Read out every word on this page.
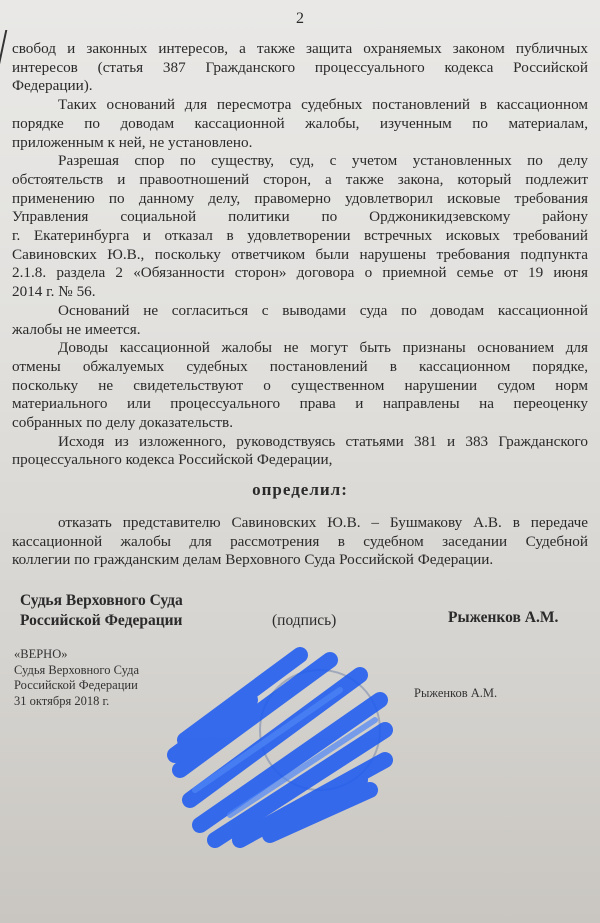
2
свобод и законных интересов, а также защита охраняемых законом публичных
интересов (статья 387 Гражданского процессуального кодекса Российской
Федерации).
Таких оснований для пересмотра судебных постановлений в кассационном
порядке по доводам кассационной жалобы, изученным по материалам,
приложенным к ней, не установлено.
Разрешая спор по существу, суд, с учетом установленных по делу
обстоятельств и правоотношений сторон, а также закона, который подлежит
применению по данному делу, правомерно удовлетворил исковые требования
Управления социальной политики по Орджоникидзевскому району
г. Екатеринбурга и отказал в удовлетворении встречных исковых требований
Савиновских Ю.В., поскольку ответчиком были нарушены требования подпункта
2.1.8. раздела 2 «Обязанности сторон» договора о приемной семье от 19 июня
2014 г. № 56.
Оснований не согласиться с выводами суда по доводам кассационной
жалобы не имеется.
Доводы кассационной жалобы не могут быть признаны основанием для
отмены обжалуемых судебных постановлений в кассационном порядке,
поскольку не свидетельствуют о существенном нарушении судом норм
материального или процессуального права и направлены на переоценку
собранных по делу доказательств.
Исходя из изложенного, руководствуясь статьями 381 и 383 Гражданского
процессуального кодекса Российской Федерации,
определил:
отказать представителю Савиновских Ю.В. – Бушмакову А.В. в передаче
кассационной жалобы для рассмотрения в судебном заседании Судебной
коллегии по гражданским делам Верховного Суда Российской Федерации.
Судья Верховного Суда
Российской Федерации	(подпись)	Рыженков А.М.
«ВЕРНО»
Судья Верховного Суда
Российской Федерации
31 октября 2018 г.
Рыженков А.М.
